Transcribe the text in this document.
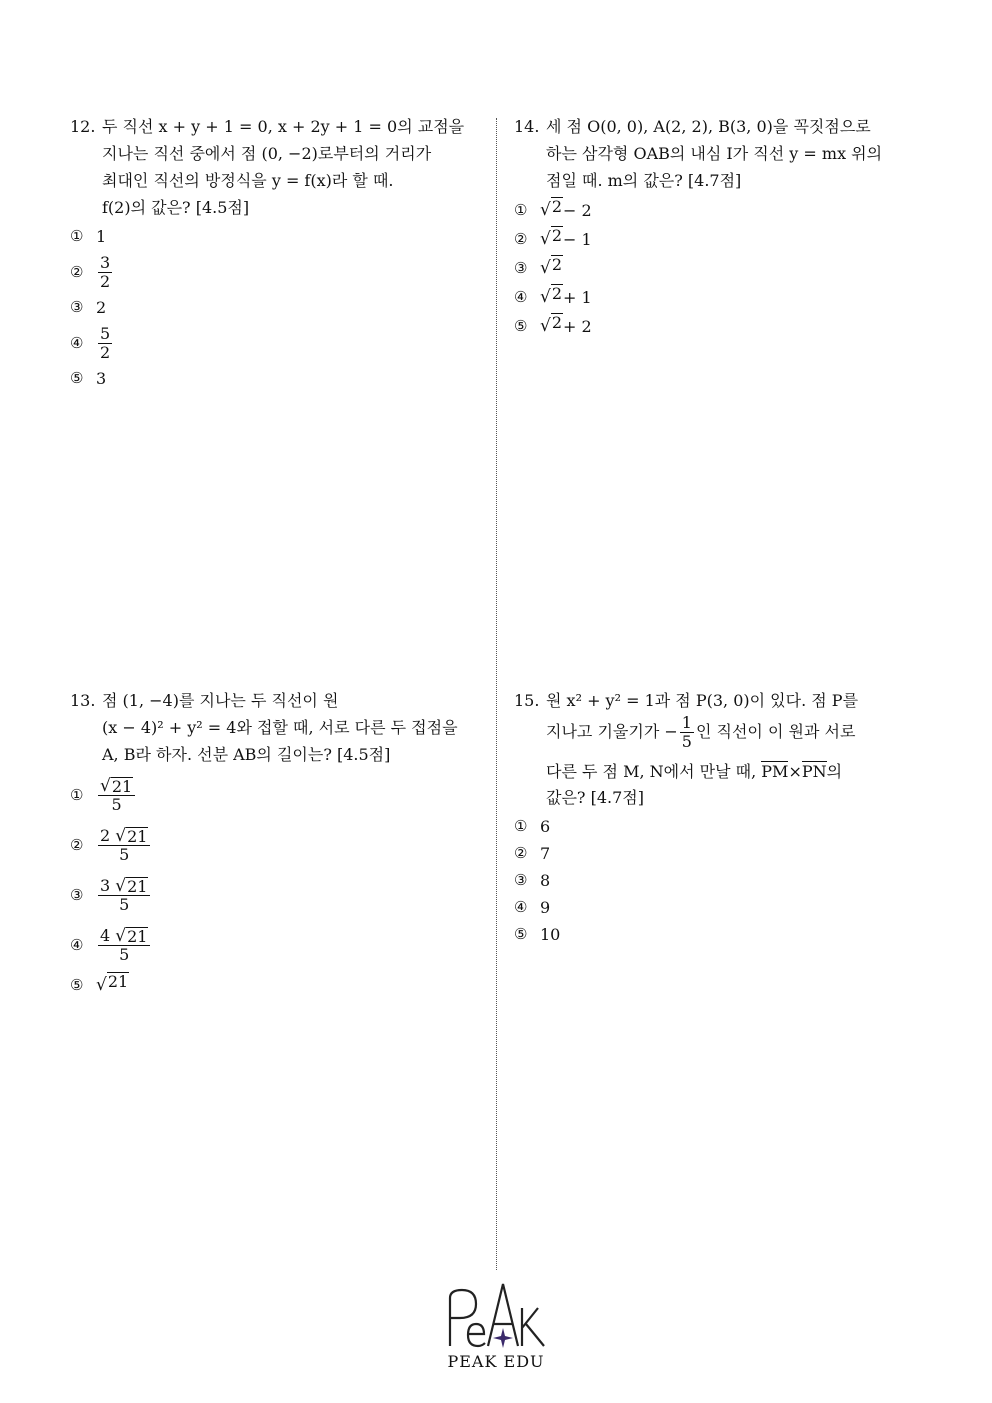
12. 두 직선 x + y + 1 = 0, x + 2y + 1 = 0의 교점을
지나는 직선 중에서 점 (0, −2)로부터의 거리가
최대인 직선의 방정식을 y = f(x)라 할 때.
f(2)의 값은? [4.5점]
① 1
② $\frac{3}{2}$
③ 2
④ $\frac{5}{2}$
⑤ 3
14. 세 점 O(0, 0), A(2, 2), B(3, 0)을 꼭짓점으로
하는 삼각형 OAB의 내심 I가 직선 y = mx 위의
점일 때. m의 값은? [4.7점]
① √ 2 − 2
② √ 2 − 1
③ √ 2
④ √ 2 + 1
⑤ √ 2 + 2
13. 점 (1, −4)를 지나는 두 직선이 원
(x − 4)² + y² = 4와 접할 때, 서로 다른 두 접점을
A, B라 하자. 선분 AB의 길이는? [4.5점]
① $\frac{√ 21}{5}$
② $\frac{2 √ 21}{5}$
③ $\frac{3 √ 21}{5}$
④ $\frac{4 √ 21}{5}$
⑤ √ 21
15. 원 x² + y² = 1과 점 P(3, 0)이 있다. 점 P를
지나고 기울기가 − $\frac{1}{5}$ 인 직선이 이 원과 서로
다른 두 점 M, N에서 만날 때, PM×PN의
값은? [4.7점]
① 6
② 7
③ 8
④ 9
⑤ 10
PEAK EDU
